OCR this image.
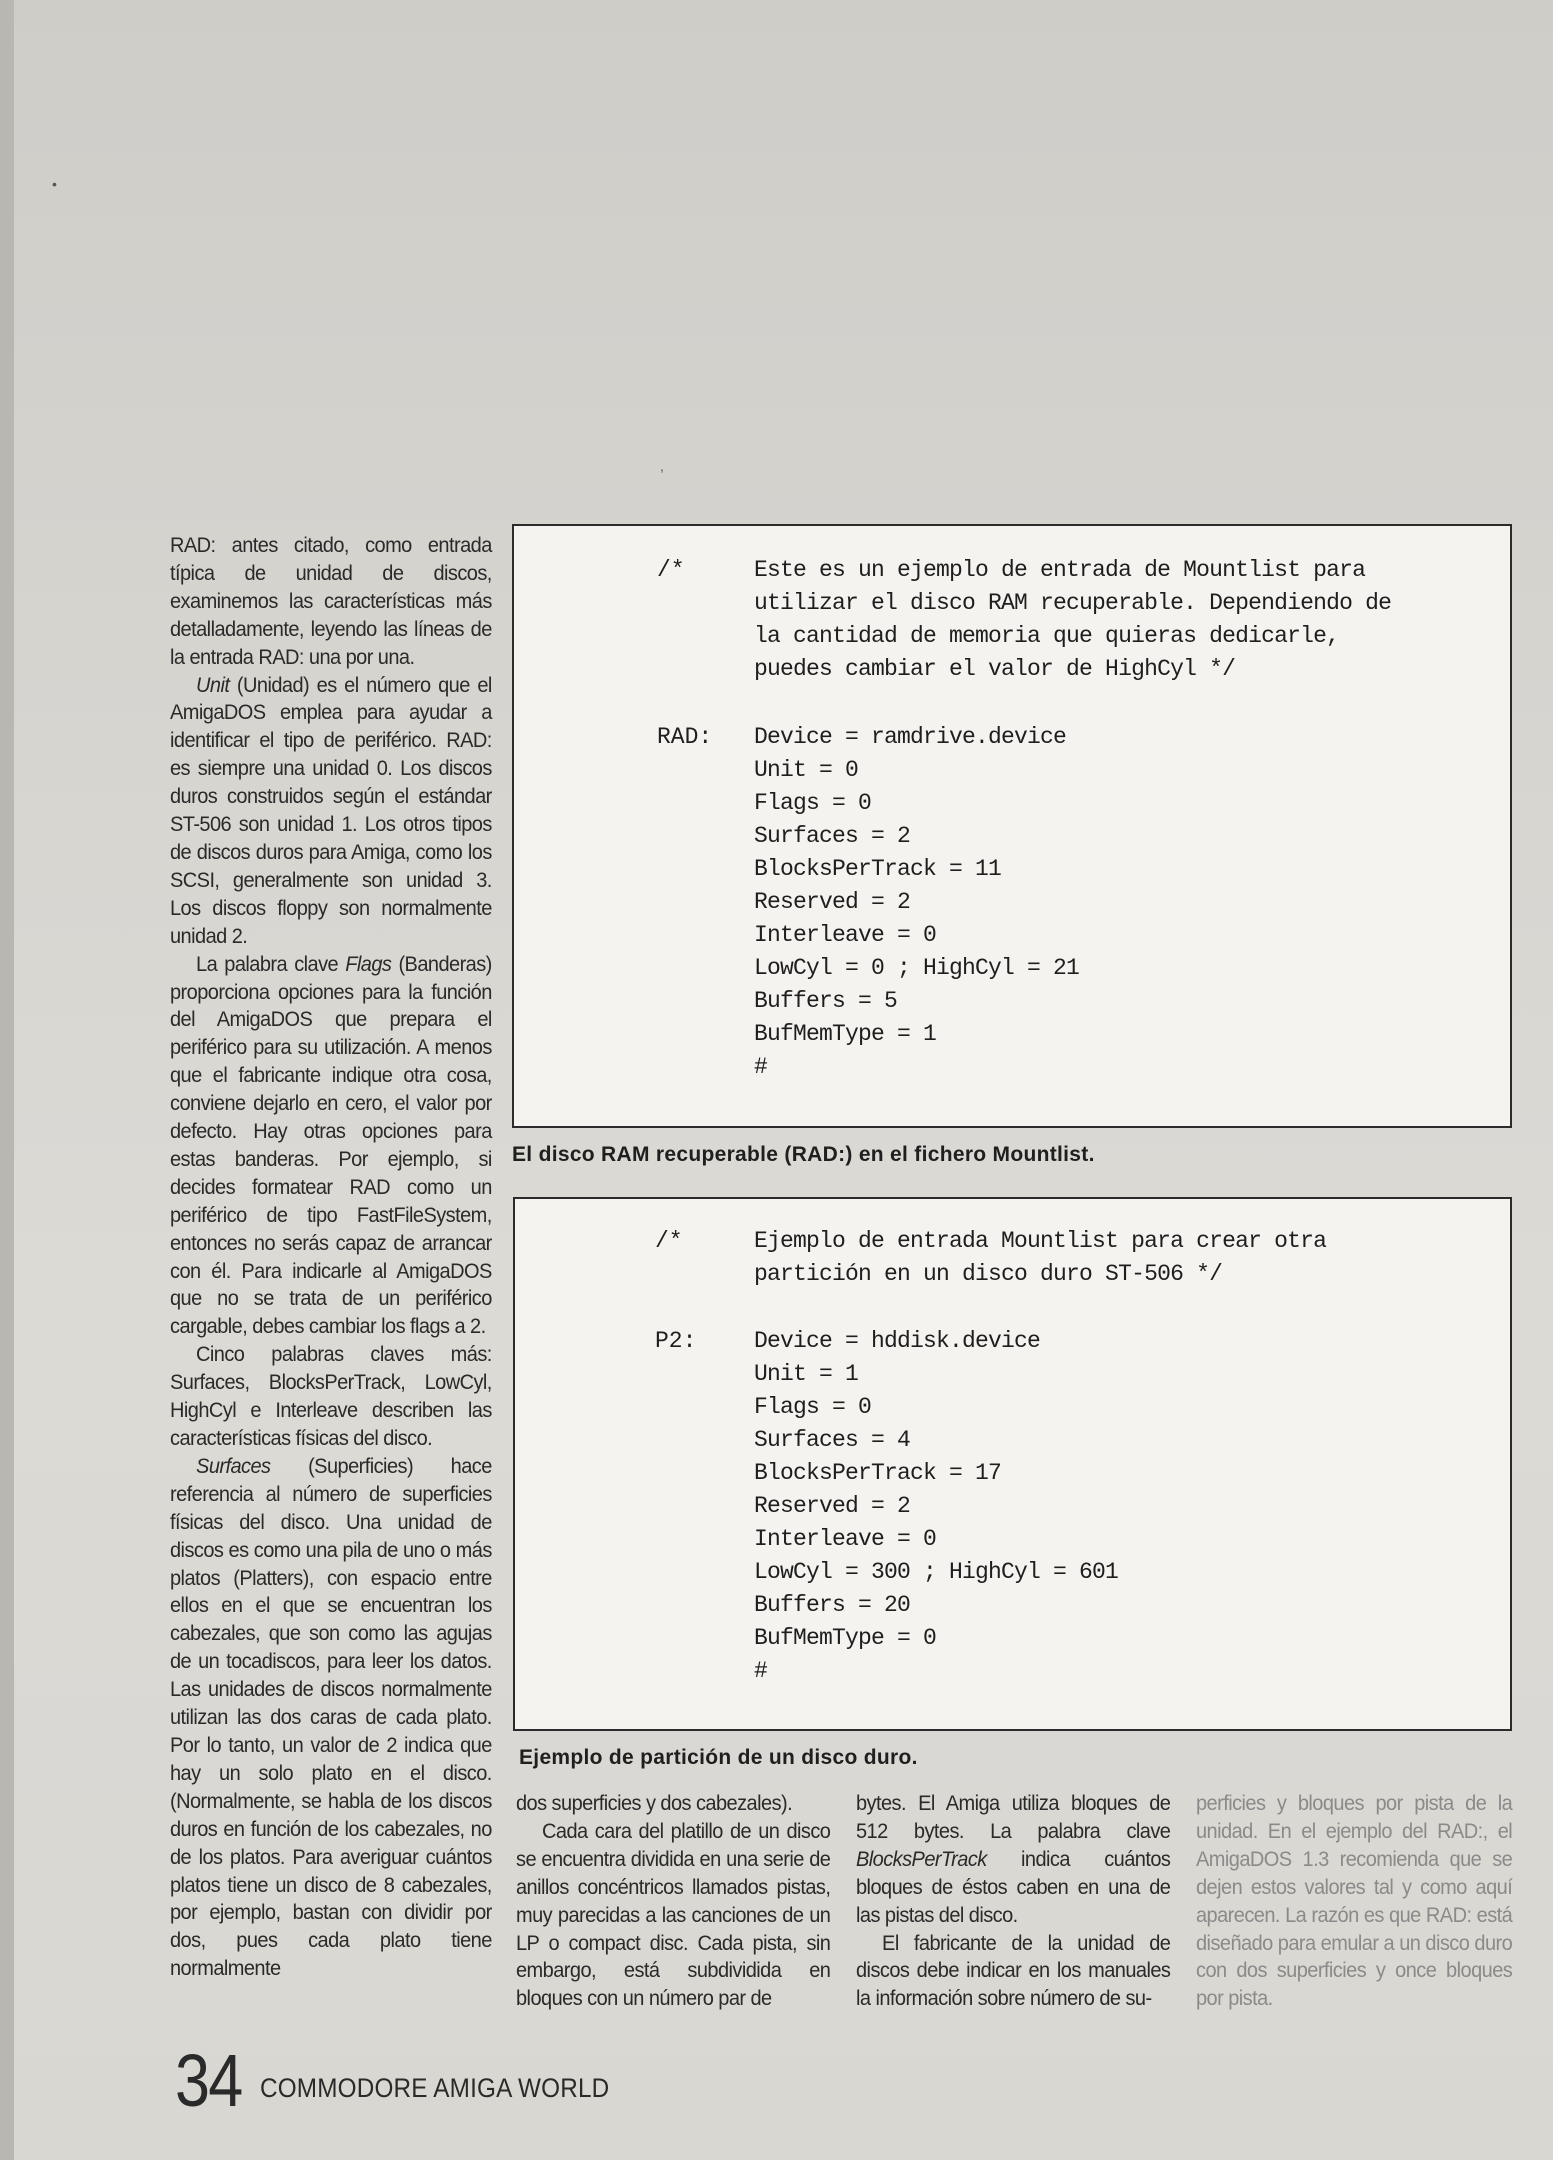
•
,

RAD: antes citado, como entrada típica de unidad de discos, examinemos las características más detalladamente, leyendo las líneas de la entrada RAD: una por una.

Unit (Unidad) es el número que el AmigaDOS emplea para ayudar a identificar el tipo de periférico. RAD: es siempre una unidad 0. Los discos duros construidos según el estándar ST-506 son unidad 1. Los otros tipos de discos duros para Amiga, como los SCSI, generalmente son unidad 3. Los discos floppy son normalmente unidad 2.

La palabra clave Flags (Banderas) proporciona opciones para la función del AmigaDOS que prepara el periférico para su utilización. A menos que el fabricante indique otra cosa, conviene dejarlo en cero, el valor por defecto. Hay otras opciones para estas banderas. Por ejemplo, si decides formatear RAD como un periférico de tipo FastFileSystem, entonces no serás capaz de arrancar con él. Para indicarle al AmigaDOS que no se trata de un periférico cargable, debes cambiar los flags a 2.

Cinco palabras claves más: Surfaces, BlocksPerTrack, LowCyl, HighCyl e Interleave describen las características físicas del disco.

Surfaces (Superficies) hace referencia al número de superficies físicas del disco. Una unidad de discos es como una pila de uno o más platos (Platters), con espacio entre ellos en el que se encuentran los cabezales, que son como las agujas de un tocadiscos, para leer los datos. Las unidades de discos normalmente utilizan las dos caras de cada plato. Por lo tanto, un valor de 2 indica que hay un solo plato en el disco. (Normalmente, se habla de los discos duros en función de los cabezales, no de los platos. Para averiguar cuántos platos tiene un disco de 8 cabezales, por ejemplo, bastan con dividir por dos, pues cada plato tiene normalmente

/*	Este es un ejemplo de entrada de Mountlist para
utilizar el disco RAM recuperable. Dependiendo de
la cantidad de memoria que quieras dedicarle,
puedes cambiar el valor de HighCyl */
RAD: Device = ramdrive.device
Unit = 0
Flags = 0
Surfaces = 2
BlocksPerTrack = 11
Reserved = 2
Interleave = 0
LowCyl = 0 ; HighCyl = 21
Buffers = 5
BufMemType = 1
#
El disco RAM recuperable (RAD:) en el fichero Mountlist.
/*	Ejemplo de entrada Mountlist para crear otra
partición en un disco duro ST-506 */
P2:	Device = hddisk.device
Unit = 1
Flags = 0
Surfaces = 4
BlocksPerTrack = 17
Reserved = 2
Interleave = 0
LowCyl = 300 ; HighCyl = 601
Buffers = 20
BufMemType = 0
#
Ejemplo de partición de un disco duro.

dos superficies y dos cabezales).

Cada cara del platillo de un disco se encuentra dividida en una serie de anillos concéntricos llamados pistas, muy parecidas a las canciones de un LP o compact disc. Cada pista, sin embargo, está subdividida en bloques con un número par de

bytes. El Amiga utiliza bloques de 512 bytes. La palabra clave BlocksPerTrack indica cuántos bloques de éstos caben en una de las pistas del disco.

El fabricante de la unidad de discos debe indicar en los manuales la información sobre número de su-

perficies y bloques por pista de la unidad. En el ejemplo del RAD:, el AmigaDOS 1.3 recomienda que se dejen estos valores tal y como aquí aparecen. La razón es que RAD: está diseñado para emular a un disco duro con dos superficies y once bloques por pista.

34 COMMODORE AMIGA WORLD
